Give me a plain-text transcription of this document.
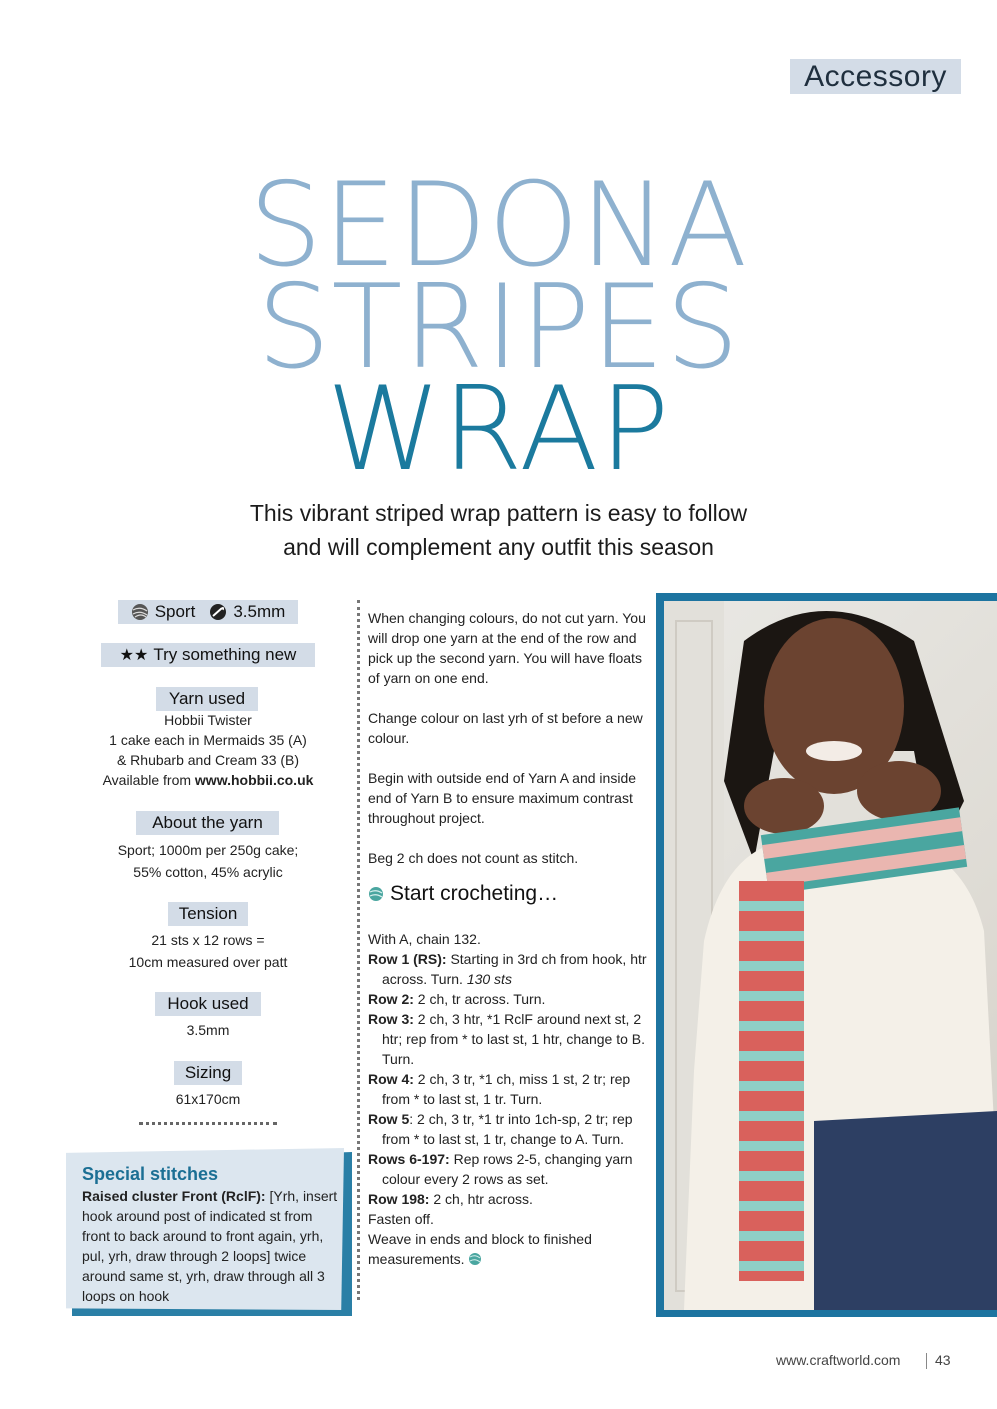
Accessory
SEDONA
STRIPES
WRAP
This vibrant striped wrap pattern is easy to follow
and will complement any outfit this season
Sport 3.5mm
★★ Try something new
Yarn used
Hobbii Twister
1 cake each in Mermaids 35 (A)
& Rhubarb and Cream 33 (B)
Available from www.hobbii.co.uk
About the yarn
Sport; 1000m per 250g cake;
55% cotton, 45% acrylic
Tension
21 sts x 12 rows =
10cm measured over patt
Hook used
3.5mm
Sizing
61x170cm
Special stitches
Raised cluster Front (RclF): [Yrh, insert hook around post of indicated st from front to back around to front again, yrh, pul, yrh, draw through 2 loops] twice around same st, yrh, draw through all 3 loops on hook

When changing colours, do not cut yarn. You will drop one yarn at the end of the row and pick up the second yarn. You will have floats of yarn on one end.

Change colour on last yrh of st before a new colour.

Begin with outside end of Yarn A and inside end of Yarn B to ensure maximum contrast throughout project.

Beg 2 ch does not count as stitch.

Start crocheting…

With A, chain 132.

Row 1 (RS): Starting in 3rd ch from hook, htr across. Turn. 130 sts

Row 2: 2 ch, tr across. Turn.

Row 3: 2 ch, 3 htr, *1 RclF around next st, 2 htr; rep from * to last st, 1 htr, change to B. Turn.

Row 4: 2 ch, 3 tr, *1 ch, miss 1 st, 2 tr; rep from * to last st, 1 tr. Turn.

Row 5: 2 ch, 3 tr, *1 tr into 1ch-sp, 2 tr; rep from * to last st, 1 tr, change to A. Turn.

Rows 6-197: Rep rows 2-5, changing yarn colour every 2 rows as set.

Row 198: 2 ch, htr across.

Fasten off.

Weave in ends and block to finished measurements.

www.craftworld.com 43
